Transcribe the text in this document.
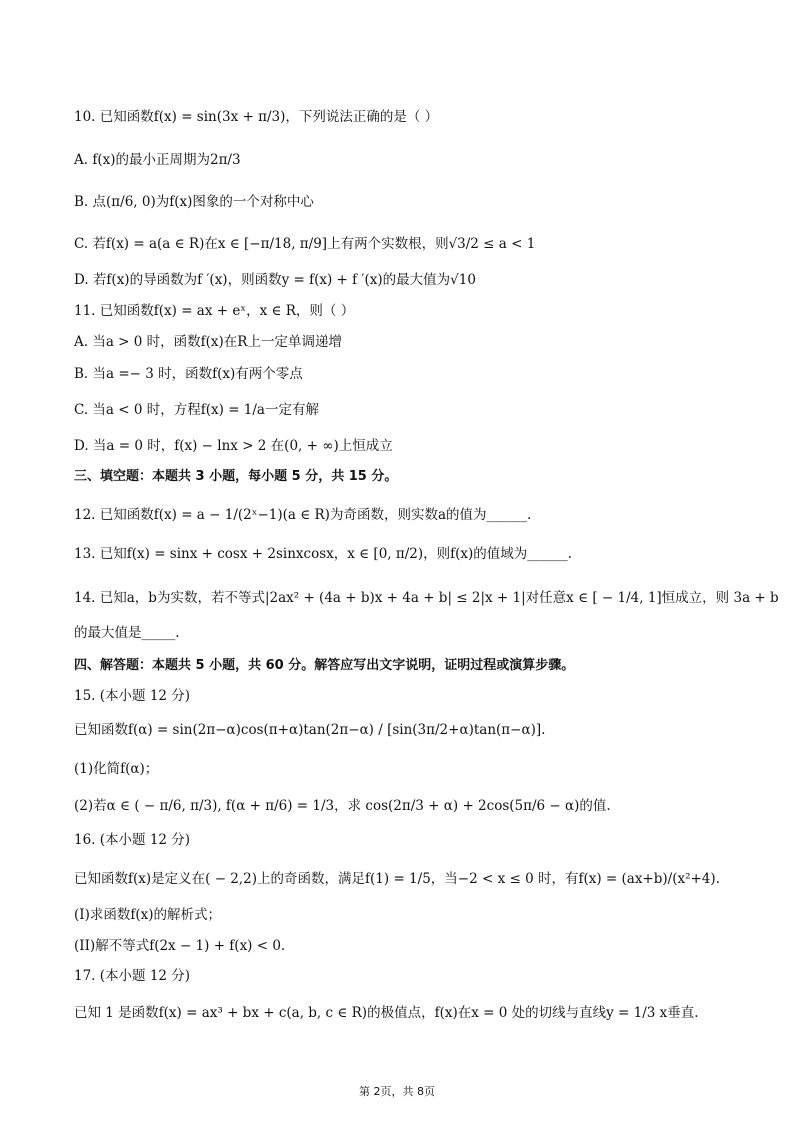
10. 已知函数f(x) = sin(3x + π/3)，下列说法正确的是（ ）
A. f(x)的最小正周期为2π/3
B. 点(π/6, 0)为f(x)图象的一个对称中心
C. 若f(x) = a(a ∈ R)在x ∈ [−π/18, π/9]上有两个实数根，则√3/2 ≤ a < 1
D. 若f(x)的导函数为f ′(x)，则函数y = f(x) + f ′(x)的最大值为√10
11. 已知函数f(x) = ax + eˣ，x ∈ R，则（ ）
A. 当a > 0 时，函数f(x)在R上一定单调递增
B. 当a =− 3 时，函数f(x)有两个零点
C. 当a < 0 时，方程f(x) = 1/a一定有解
D. 当a = 0 时，f(x) − lnx > 2 在(0, + ∞)上恒成立
三、填空题：本题共 3 小题，每小题 5 分，共 15 分。
12. 已知函数f(x) = a − 1/(2ˣ−1)(a ∈ R)为奇函数，则实数a的值为______.
13. 已知f(x) = sinx + cosx + 2sinxcosx，x ∈ [0, π/2)，则f(x)的值域为______.
14. 已知a，b为实数，若不等式|2ax² + (4a + b)x + 4a + b| ≤ 2|x + 1|对任意x ∈ [ − 1/4, 1]恒成立，则 3a + b
的最大值是_____.
四、解答题：本题共 5 小题，共 60 分。解答应写出文字说明，证明过程或演算步骤。
15. (本小题 12 分)
已知函数f(α) = sin(2π−α)cos(π+α)tan(2π−α) / [sin(3π/2+α)tan(π−α)].
(1)化简f(α)；
(2)若α ∈ ( − π/6, π/3), f(α + π/6) = 1/3，求 cos(2π/3 + α) + 2cos(5π/6 − α)的值.
16. (本小题 12 分)
已知函数f(x)是定义在( − 2,2)上的奇函数，满足f(1) = 1/5，当−2 < x ≤ 0 时，有f(x) = (ax+b)/(x²+4).
(I)求函数f(x)的解析式；
(II)解不等式f(2x − 1) + f(x) < 0.
17. (本小题 12 分)
已知 1 是函数f(x) = ax³ + bx + c(a, b, c ∈ R)的极值点，f(x)在x = 0 处的切线与直线y = 1/3 x垂直.
第 2页，共 8页
